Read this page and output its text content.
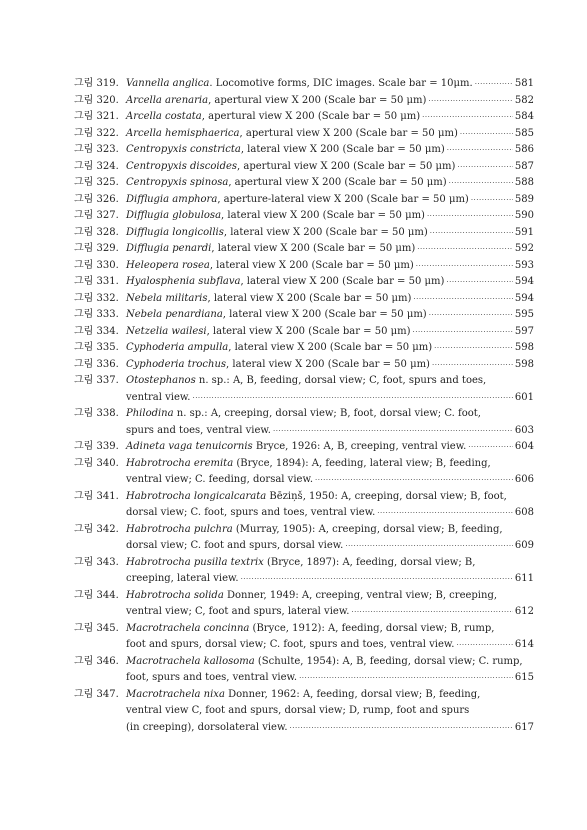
그림 319. Vannella anglica. Locomotive forms, DIC images. Scale bar = 10μm. ·····	581
그림 320. Arcella arenaria, apertural view X 200 (Scale bar = 50 μm) ·····	582
그림 321. Arcella costata, apertural view X 200 (Scale bar = 50 μm) ·····	584
그림 322. Arcella hemisphaerica, apertural view X 200 (Scale bar = 50 μm) ·····	585
그림 323. Centropyxis constricta, lateral view X 200 (Scale bar = 50 μm) ·····	586
그림 324. Centropyxis discoides, apertural view X 200 (Scale bar = 50 μm) ·····	587
그림 325. Centropyxis spinosa, apertural view X 200 (Scale bar = 50 μm) ·····	588
그림 326. Difflugia amphora, aperture-lateral view X 200 (Scale bar = 50 μm) ·····	589
그림 327. Difflugia globulosa, lateral view X 200 (Scale bar = 50 μm) ·····	590
그림 328. Difflugia longicollis, lateral view X 200 (Scale bar = 50 μm) ·····	591
그림 329. Difflugia penardi, lateral view X 200 (Scale bar = 50 μm) ·····	592
그림 330. Heleopera rosea, lateral view X 200 (Scale bar = 50 μm) ·····	593
그림 331. Hyalosphenia subflava, lateral view X 200 (Scale bar = 50 μm) ·····	594
그림 332. Nebela militaris, lateral view X 200 (Scale bar = 50 μm) ·····	594
그림 333. Nebela penardiana, lateral view X 200 (Scale bar = 50 μm) ·····	595
그림 334. Netzelia wailesi, lateral view X 200 (Scale bar = 50 μm) ·····	597
그림 335. Cyphoderia ampulla, lateral view X 200 (Scale bar = 50 μm) ·····	598
그림 336. Cyphoderia trochus, lateral view X 200 (Scale bar = 50 μm) ·····	598
그림 337. Otostephanos n. sp.: A, B, feeding, dorsal view; C, foot, spurs and toes,
ventral view. ·····	601
그림 338. Philodina n. sp.: A, creeping, dorsal view; B, foot, dorsal view; C. foot,
spurs and toes, ventral view. ·····	603
그림 339. Adineta vaga tenuicornis Bryce, 1926: A, B, creeping, ventral view. ·····	604
그림 340. Habrotrocha eremita (Bryce, 1894): A, feeding, lateral view; B, feeding,
ventral view; C. feeding, dorsal view. ·····	606
그림 341. Habrotrocha longicalcarata Bēziņš, 1950: A, creeping, dorsal view; B, foot,
dorsal view; C. foot, spurs and toes, ventral view. ·····	608
그림 342. Habrotrocha pulchra (Murray, 1905): A, creeping, dorsal view; B, feeding,
dorsal view; C. foot and spurs, dorsal view. ·····	609
그림 343. Habrotrocha pusilla textrix (Bryce, 1897): A, feeding, dorsal view; B,
creeping, lateral view. ·····	611
그림 344. Habrotrocha solida Donner, 1949: A, creeping, ventral view; B, creeping,
ventral view; C, foot and spurs, lateral view. ·····	612
그림 345. Macrotrachela concinna (Bryce, 1912): A, feeding, dorsal view; B, rump,
foot and spurs, dorsal view; C. foot, spurs and toes, ventral view. ·····	614
그림 346. Macrotrachela kallosoma (Schulte, 1954): A, B, feeding, dorsal view; C. rump,
foot, spurs and toes, ventral view. ·····	615
그림 347. Macrotrachela nixa Donner, 1962: A, feeding, dorsal view; B, feeding,
ventral view C, foot and spurs, dorsal view; D, rump, foot and spurs
(in creeping), dorsolateral view. ·····	617
